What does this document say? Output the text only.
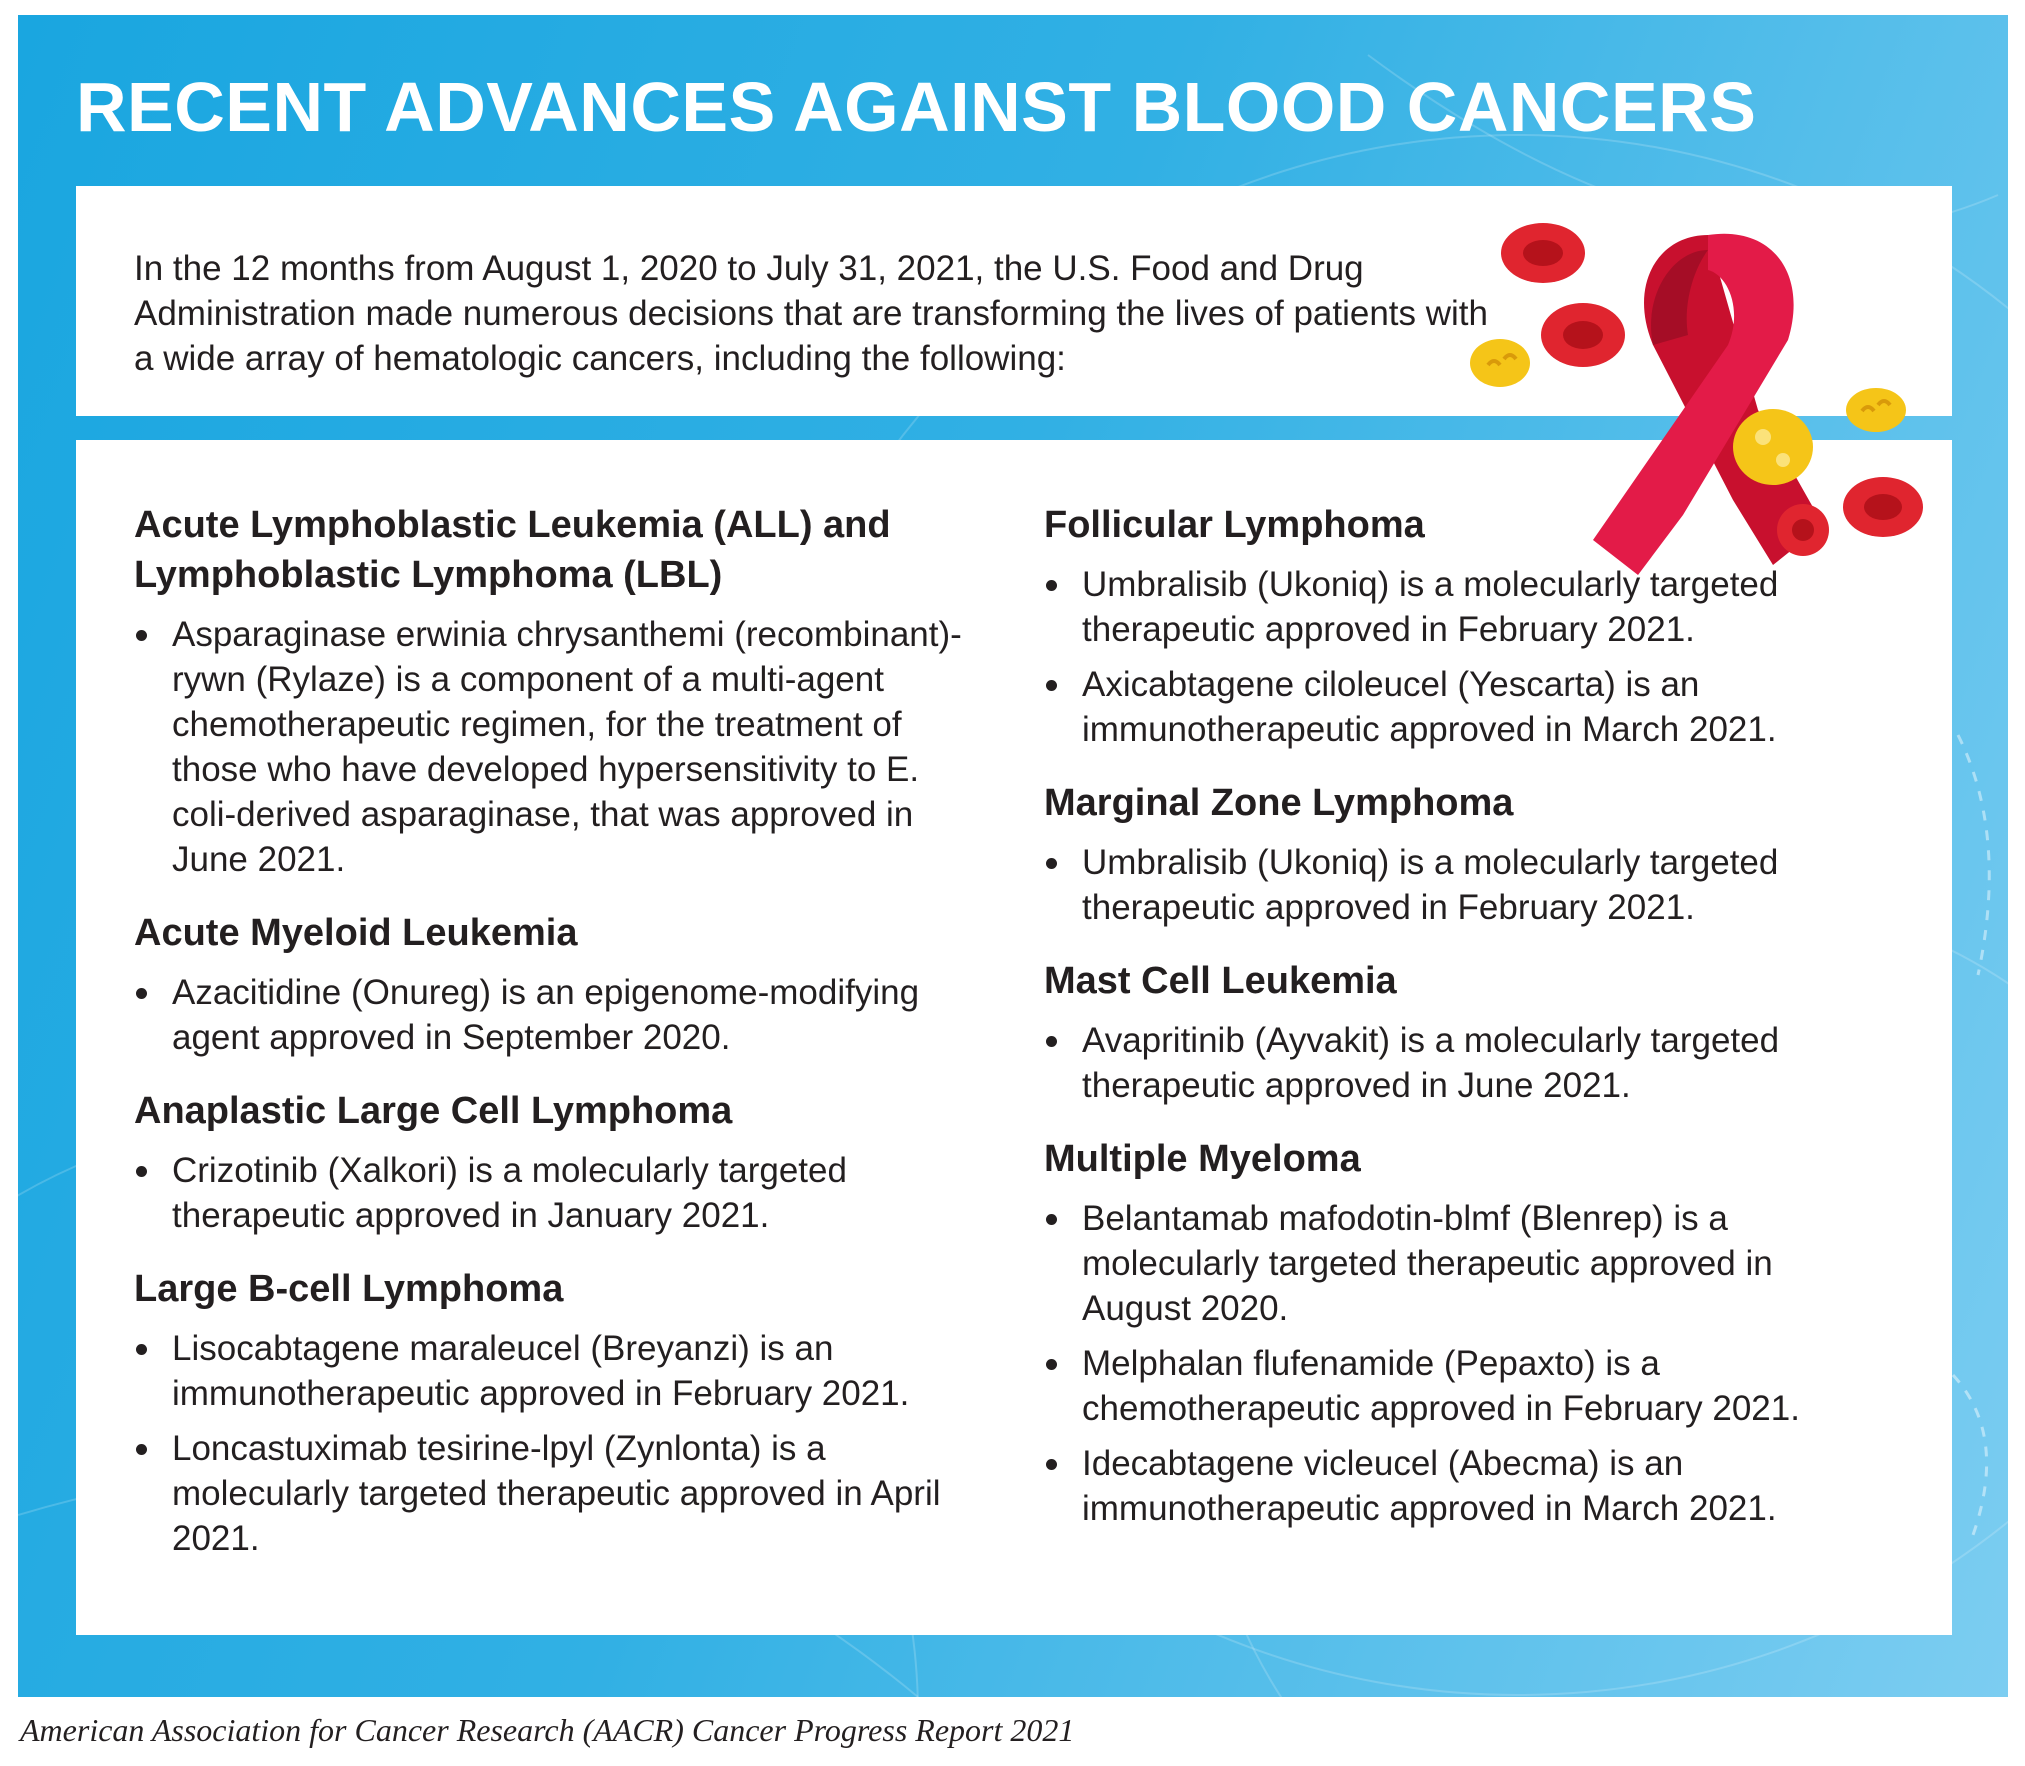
RECENT ADVANCES AGAINST BLOOD CANCERS

In the 12 months from August 1, 2020 to July 31, 2021, the U.S. Food and Drug Administration made numerous decisions that are transforming the lives of patients with a wide array of hematologic cancers, including the following:

Acute Lymphoblastic Leukemia (ALL) and
Lymphoblastic Lymphoma (LBL)
Asparaginase erwinia chrysanthemi (recombinant)-rywn (Rylaze) is a component of a multi-agent chemotherapeutic regimen, for the treatment of those who have developed hypersensitivity to E. coli-derived asparaginase, that was approved in June 2021.
Acute Myeloid Leukemia
Azacitidine (Onureg) is an epigenome-modifying agent approved in September 2020.
Anaplastic Large Cell Lymphoma
Crizotinib (Xalkori) is a molecularly targeted therapeutic approved in January 2021.
Large B-cell Lymphoma
Lisocabtagene maraleucel (Breyanzi) is an immunotherapeutic approved in February 2021.
Loncastuximab tesirine-lpyl (Zynlonta) is a molecularly targeted therapeutic approved in April 2021.
Follicular Lymphoma
Umbralisib (Ukoniq) is a molecularly targeted therapeutic approved in February 2021.
Axicabtagene ciloleucel (Yescarta) is an immunotherapeutic approved in March 2021.
Marginal Zone Lymphoma
Umbralisib (Ukoniq) is a molecularly targeted therapeutic approved in February 2021.
Mast Cell Leukemia
Avapritinib (Ayvakit) is a molecularly targeted therapeutic approved in June 2021.
Multiple Myeloma
Belantamab mafodotin-blmf (Blenrep) is a molecularly targeted therapeutic approved in August 2020.
Melphalan flufenamide (Pepaxto) is a chemotherapeutic approved in February 2021.
Idecabtagene vicleucel (Abecma) is an immunotherapeutic approved in March 2021.

American Association for Cancer Research (AACR) Cancer Progress Report 2021
